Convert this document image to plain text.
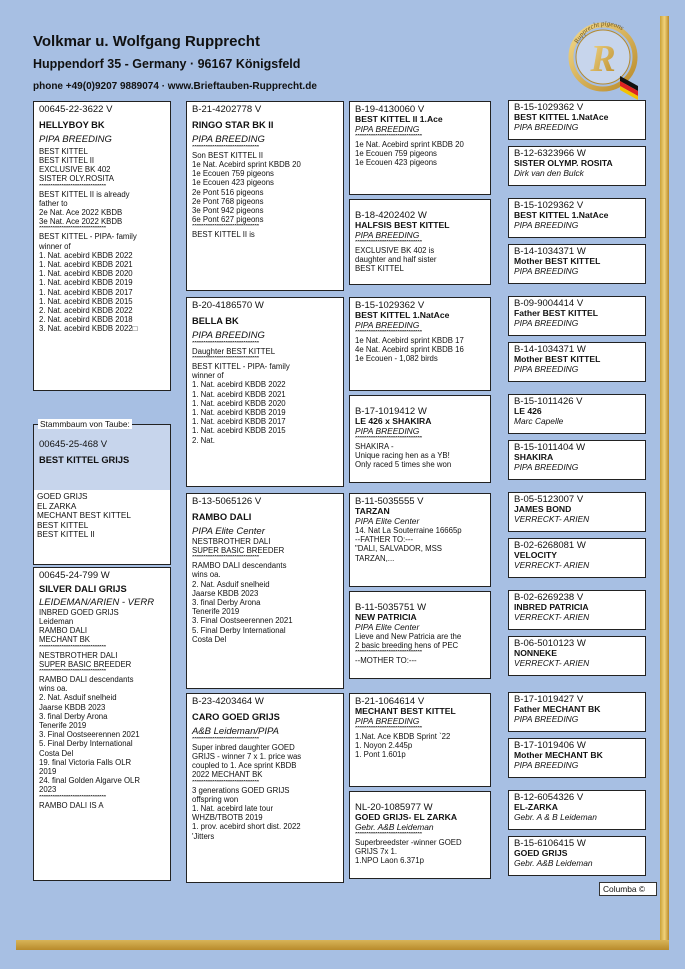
Volkmar u. Wolfgang Rupprecht
Huppendorf 35 - Germany · 96167 Königsfeld
phone +49(0)9207 9889074 · www.Brieftauben-Rupprecht.de
R
Rupprecht pigeons
00645-22-3622 V
HELLYBOY BK
PIPA BREEDING
BEST KITTEL
BEST KITTEL II
EXCLUSIVE BK 402
SISTER OLY.ROSITA
******************************
BEST KITTEL II is already
father to
2e Nat. Ace 2022 KBDB
3e Nat. Ace 2022 KBDB
******************************
BEST KITTEL - PIPA- family
winner of
1. Nat. acebird KBDB 2022
1. Nat. acebird KBDB 2021
1. Nat. acebird KBDB 2020
1. Nat. acebird KBDB 2019
1. Nat. acebird KBDB 2017
1. Nat. acebird KBDB 2015
2. Nat. acebird KBDB 2022
2. Nat. acebird KBDB 2018
3. Nat. acebird KBDB 2022□
00645-25-468 V
BEST KITTEL GRIJS
GOED GRIJS
EL ZARKA
MECHANT BEST KITTEL
BEST KITTEL
BEST KITTEL II
Stammbaum von Taube:
00645-24-799 W
SILVER DALI GRIJS
LEIDEMAN/ARIEN - VERR
INBRED GOED GRIJS
Leideman
RAMBO DALI
MECHANT BK
******************************
NESTBROTHER DALI
SUPER BASIC BREEDER
******************************
RAMBO DALI descendants
wins oa.
2. Nat. Asduif snelheid
Jaarse KBDB 2023
3. final Derby Arona
Tenerife 2019
3. Final Oostseerennen 2021
5. Final Derby International
Costa Del
19. final Victoria Falls OLR
2019
24. final Golden Algarve OLR
2023
******************************
RAMBO DALI IS A
B-21-4202778 V
RINGO STAR BK II
PIPA BREEDING
******************************
Son BEST KITTEL II
1e Nat. Acebird sprint KBDB 20
1e Ecouen 759 pigeons
1e Ecouen 423 pigeons
2e Pont 516 pigeons
2e Pont 768 pigeons
3e Pont 942 pigeons
6e Pont 627 pigeons
******************************
BEST KITTEL II is
B-20-4186570 W
BELLA BK
PIPA BREEDING
******************************
Daughter BEST KITTEL
******************************
BEST KITTEL - PIPA- family
winner of
1. Nat. acebird KBDB 2022
1. Nat. acebird KBDB 2021
1. Nat. acebird KBDB 2020
1. Nat. acebird KBDB 2019
1. Nat. acebird KBDB 2017
1. Nat. acebird KBDB 2015
2. Nat.
B-13-5065126 V
RAMBO DALI
PIPA Elite Center
NESTBROTHER DALI
SUPER BASIC BREEDER
******************************
RAMBO DALI descendants
wins oa.
2. Nat. Asduif snelheid
Jaarse KBDB 2023
3. final Derby Arona
Tenerife 2019
3. Final Oostseerennen 2021
5. Final Derby International
Costa Del
B-23-4203464 W
CARO GOED GRIJS
A&B Leideman/PIPA
******************************
Super inbred daughter GOED
GRIJS - winner 7 x 1. price was
coupled to 1. Ace sprint KBDB
2022 MECHANT BK
******************************
3 generations GOED GRIJS
offspring won
1. Nat. acebird late tour
WHZB/TBOTB 2019
1. prov. acebird short dist. 2022
'Jitters
B-19-4130060 V
BEST KITTEL II 1.Ace
PIPA BREEDING
******************************
1e Nat. Acebird sprint KBDB 20
1e Ecouen 759 pigeons
1e Ecouen 423 pigeons
B-18-4202402 W
HALFSIS BEST KITTEL
PIPA BREEDING
******************************
EXCLUSIVE BK 402 is
daughter and half sister
BEST KITTEL
B-15-1029362 V
BEST KITTEL 1.NatAce
PIPA BREEDING
******************************
1e Nat. Acebird sprint KBDB 17
4e Nat. Acebird sprint KBDB 16
1e Ecouen - 1,082 birds
B-17-1019412 W
LE 426 x SHAKIRA
PIPA BREEDING
******************************
SHAKIRA -
Unique racing hen as a YB!
Only raced 5 times she won
B-11-5035555 V
TARZAN
PIPA Elite Center
14. Nat La Souterraine 16665p
--FATHER TO:---
"DALI, SALVADOR, MSS
TARZAN,...
B-11-5035751 W
NEW PATRICIA
PIPA Elite Center
Lieve and New Patricia are the
2 basic breeding hens of PEC
******************************
--MOTHER TO:---
B-21-1064614 V
MECHANT BEST KITTEL
PIPA BREEDING
******************************
1.Nat. Ace KBDB Sprint `22
1. Noyon 2.445p
1. Pont 1.601p
NL-20-1085977 W
GOED GRIJS- EL ZARKA
Gebr. A&B Leideman
******************************
Superbreedster -winner GOED
GRIJS 7x 1.
1.NPO Laon 6.371p
B-15-1029362 V
BEST KITTEL 1.NatAce
PIPA BREEDING
B-12-6323966 W
SISTER OLYMP. ROSITA
Dirk van den Bulck
B-15-1029362 V
BEST KITTEL 1.NatAce
PIPA BREEDING
B-14-1034371 W
Mother BEST KITTEL
PIPA BREEDING
B-09-9004414 V
Father BEST KITTEL
PIPA BREEDING
B-14-1034371 W
Mother BEST KITTEL
PIPA BREEDING
B-15-1011426 V
LE 426
Marc Capelle
B-15-1011404 W
SHAKIRA
PIPA BREEDING
B-05-5123007 V
JAMES BOND
VERRECKT- ARIEN
B-02-6268081 W
VELOCITY
VERRECKT- ARIEN
B-02-6269238 V
INBRED PATRICIA
VERRECKT- ARIEN
B-06-5010123 W
NONNEKE
VERRECKT- ARIEN
B-17-1019427 V
Father MECHANT BK
PIPA BREEDING
B-17-1019406 W
Mother MECHANT BK
PIPA BREEDING
B-12-6054326 V
EL-ZARKA
Gebr. A & B Leideman
B-15-6106415 W
GOED GRIJS
Gebr. A&B Leideman
Columba ©
